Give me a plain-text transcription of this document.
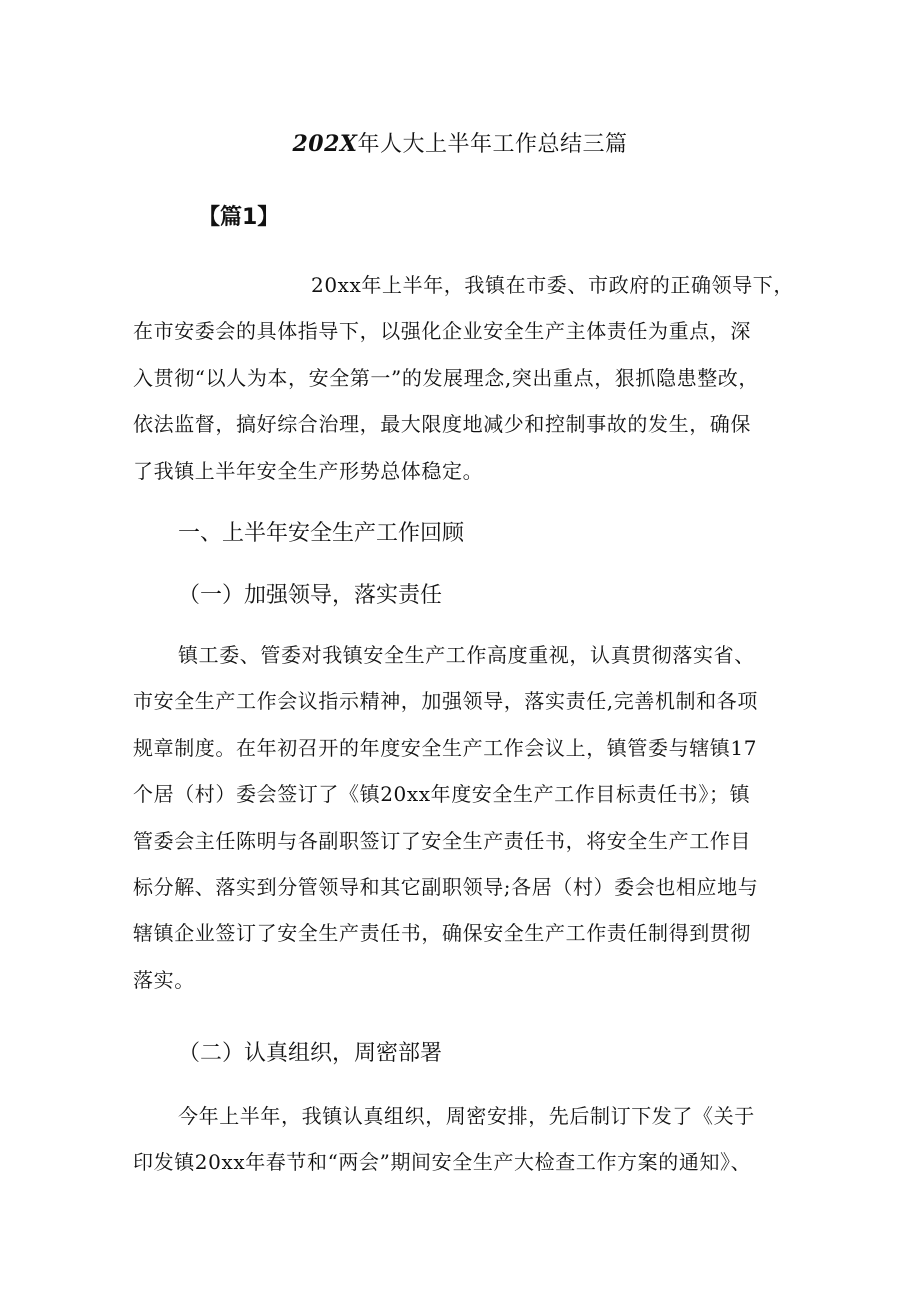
202X年人大上半年工作总结三篇
【篇1】
20xx年上半年，我镇在市委、市政府的正确领导下，
在市安委会的具体指导下，以强化企业安全生产主体责任为重点，深
入贯彻“以人为本，安全第一”的发展理念,突出重点，狠抓隐患整改，
依法监督，搞好综合治理，最大限度地减少和控制事故的发生，确保
了我镇上半年安全生产形势总体稳定。
一、上半年安全生产工作回顾
（一）加强领导，落实责任
镇工委、管委对我镇安全生产工作高度重视，认真贯彻落实省、
市安全生产工作会议指示精神，加强领导，落实责任,完善机制和各项
规章制度。在年初召开的年度安全生产工作会议上，镇管委与辖镇17
个居（村）委会签订了《镇20xx年度安全生产工作目标责任书》；镇
管委会主任陈明与各副职签订了安全生产责任书，将安全生产工作目
标分解、落实到分管领导和其它副职领导;各居（村）委会也相应地与
辖镇企业签订了安全生产责任书，确保安全生产工作责任制得到贯彻
落实。
（二）认真组织，周密部署
今年上半年，我镇认真组织，周密安排，先后制订下发了《关于
印发镇20xx年春节和“两会”期间安全生产大检查工作方案的通知》、
